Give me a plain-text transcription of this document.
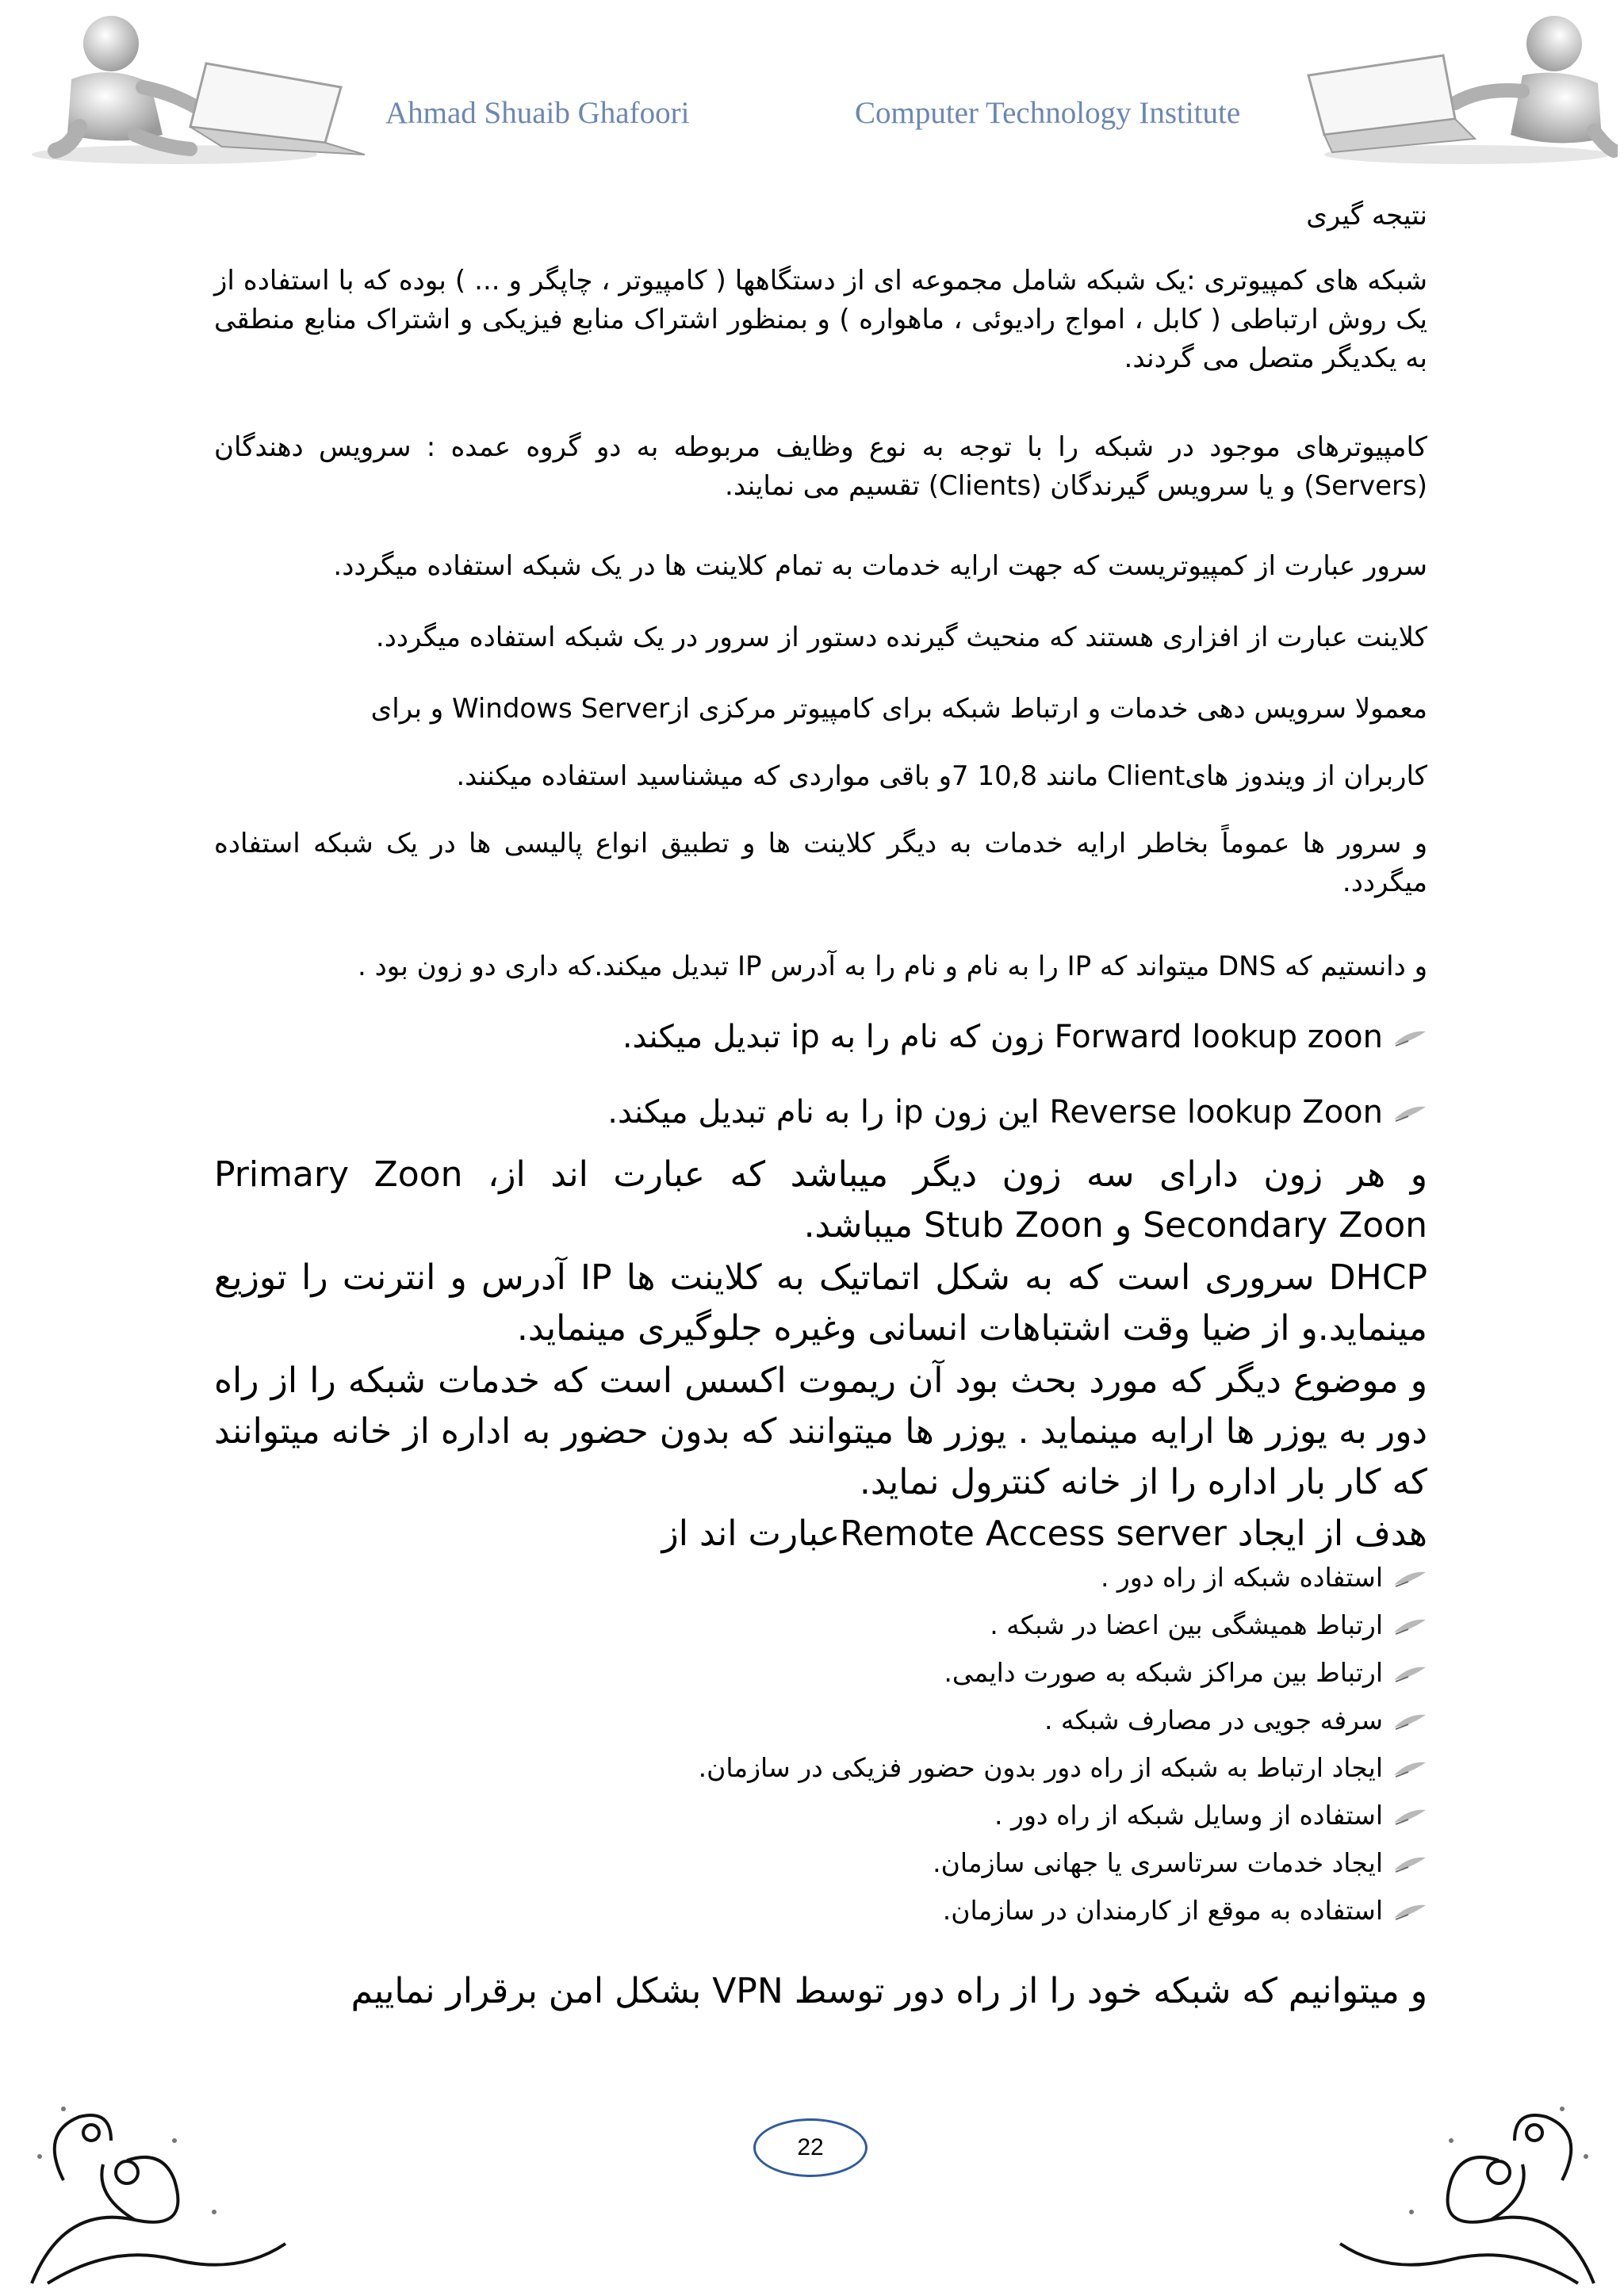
Ahmad Shuaib Ghafoori	Computer Technology Institute
نتیجه گیری
شبکه های کمپیوتری :یک شبکه شامل مجموعه ای از دستگاهها ( کامپیوتر ، چاپگر و ... ) بوده که با استفاده از یک روش ارتباطی ( کابل ، امواج رادیوئی ، ماهواره ) و بمنظور اشتراک منابع فیزیکی و اشتراک منابع منطقی به یکدیگر متصل می گردند.
کامپیوترهای موجود در شبکه را با توجه به نوع وظایف مربوطه به دو گروه عمده : سرویس دهندگان (Servers) و یا سرویس گیرندگان (Clients) تقسیم می نمایند.
سرور عبارت از کمپیوتریست که جهت ارایه خدمات به تمام کلاینت ها در یک شبکه استفاده میگردد.
کلاینت عبارت از افزاری هستند که منحیث گیرنده دستور از سرور در یک شبکه استفاده میگردد.
معمولا سرویس دهی خدمات و ارتباط شبکه برای کامپیوتر مرکزی ازWindows Server و برای
کاربران از ویندوز هایClient مانند 10,8 7و باقی مواردی که میشناسید استفاده میکنند.
و سرور ها عموماً بخاطر ارایه خدمات به دیگر کلاینت ها و تطبیق انواع پالیسی ها در یک شبکه استفاده میگردد.
و دانستیم که DNS میتواند که IP را به نام و نام را به آدرس IP تبدیل میکند.که داری دو زون بود .
Forward lookup zoon زون که نام را به ip تبدیل میکند.
Reverse lookup Zoon این زون ip را به نام تبدیل میکند.
و هر زون دارای سه زون دیگر میباشد که عبارت اند ازPrimary Zoon ، Secondary Zoon و Stub Zoon میباشد.
DHCP سروری است که به شکل اتماتیک به کلاینت ها IP آدرس و انترنت را توزیع مینماید.و از ضیا وقت اشتباهات انسانی وغیره جلوگیری مینماید.
و موضوع دیگر که مورد بحث بود آن ریموت اکسس است که خدمات شبکه را از راه دور به یوزر ها ارایه مینماید . یوزر ها میتوانند که بدون حضور به اداره از خانه میتوانند که کار بار اداره را از خانه کنترول نماید.
هدف از ایجاد Remote Access serverعبارت اند از
استفاده شبکه از راه دور .
ارتباط همیشگی بین اعضا در شبکه .
ارتباط بین مراکز شبکه به صورت دایمی.
سرفه جویی در مصارف شبکه .
ایجاد ارتباط به شبکه از راه دور بدون حضور فزیکی در سازمان.
استفاده از وسایل شبکه از راه دور .
ایجاد خدمات سرتاسری یا جهانی سازمان.
استفاده به موقع از کارمندان در سازمان.
و میتوانیم که شبکه خود را از راه دور توسط VPN بشکل امن برقرار نماییم
22
